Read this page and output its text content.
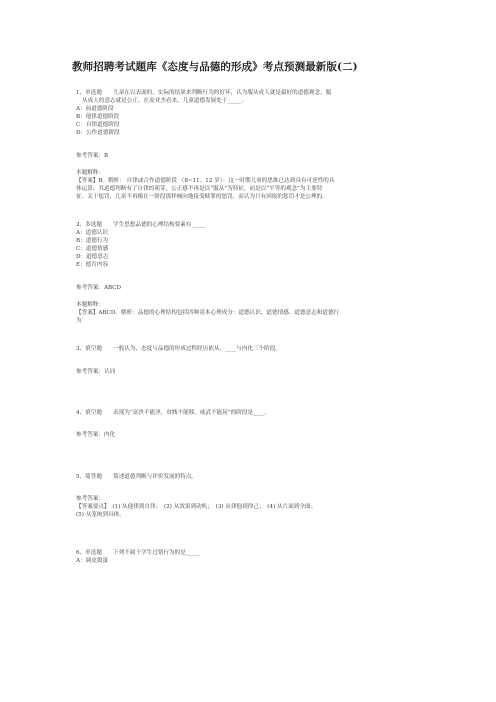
教师招聘考试题库《态度与品德的形成》考点预测最新版(二)
1、单选题　　儿童在以表面的、实际的结果来判断行为的好坏，认为服从成人就是最好的道德观念，服
从成人的意志就是公正，在皮亚杰看来，儿童道德发展处于_____。
A：前道德阶段
B：他律道德阶段
C：自律道德阶段
D：公作道德阶段
参考答案：B
本题解释：
【答案】B。解析： 自律或合作道德阶段 （8~11、12 岁）：这一时期儿童的思维已达到具有可逆性的具
体运算，其道德判断有了自律的萌芽，公正感不再是以“服从”为特征，而是以“平等的观念”为主要特
征。关于惩罚，儿童不再像在一阶段那样倾向地接受赎罪的惩罚，而认为只有回报的惩罚才是公理的。
2、多选题　　学生思想品德的心理结构要素有_____
A：道德认识
B：道德行为
C：道德情感
D：道德意志
E：德育内容
参考答案：ABCD
本题解释：
【答案】ABCD。解析：品德的心理结构包括四种基本心理成分：道德认识、道德情感、道德意志和道德行
为
3、填空题　　一般认为，态度与品德的形成过程经历依从、____与内化三个阶段。
参考答案：认同
4、填空题　　表现为“富贵不能淫，贫贱不能移，威武不能屈”的阶段是____。
参考答案：内化
5、简答题　　简述道德判断与评价发展的特点。
参考答案：
【答案要点】　(1) 从他律到自律；　(2) 从效果到动机；　(3) 从律他到律己；　(4) 从片面到全面；
(5) 从笼统到具体。
6、单选题　　下列不属于学生过错行为的是_____
A：调皮捣蛋
